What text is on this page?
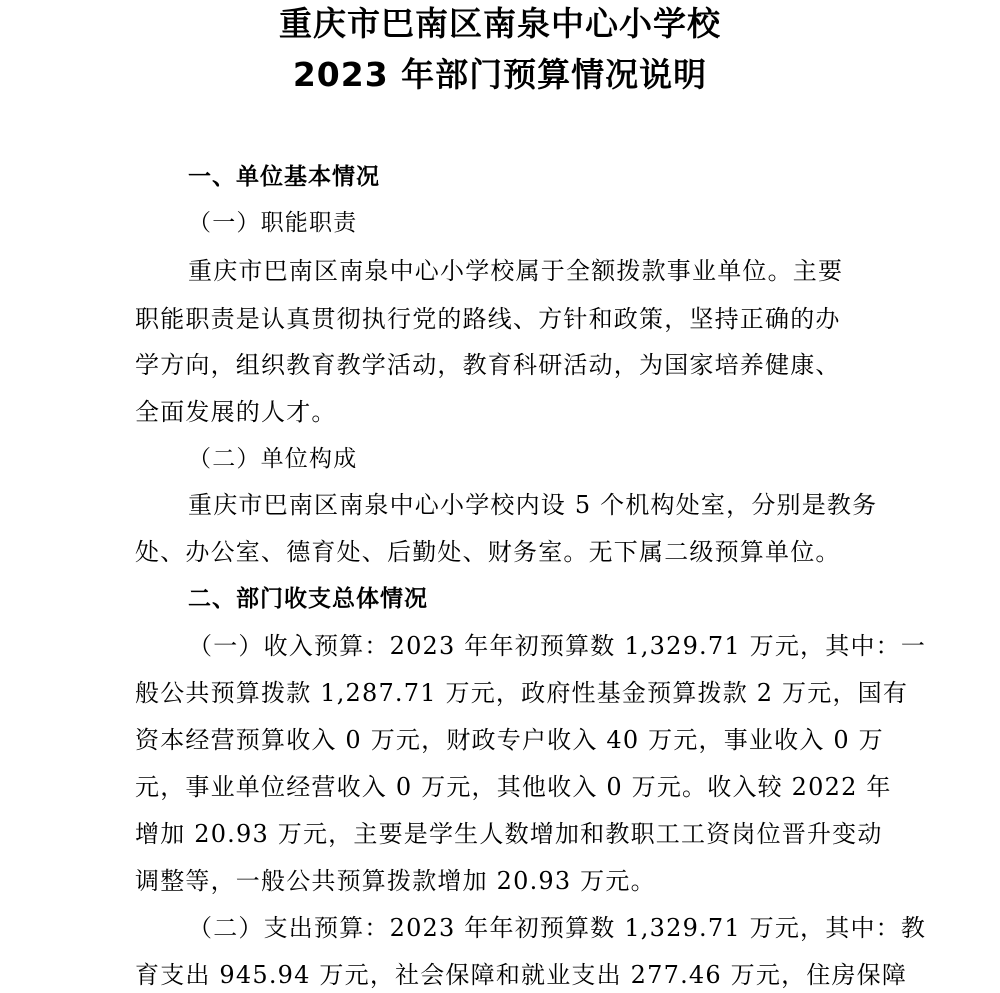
重庆市巴南区南泉中心小学校
2023 年部门预算情况说明
一、单位基本情况
（一）职能职责
重庆市巴南区南泉中心小学校属于全额拨款事业单位。主要
职能职责是认真贯彻执行党的路线、方针和政策，坚持正确的办
学方向，组织教育教学活动，教育科研活动，为国家培养健康、
全面发展的人才。
（二）单位构成
重庆市巴南区南泉中心小学校内设 5 个机构处室，分别是教务
处、办公室、德育处、后勤处、财务室。无下属二级预算单位。
二、部门收支总体情况
（一）收入预算：2023 年年初预算数 1,329.71 万元，其中：一
般公共预算拨款 1,287.71 万元，政府性基金预算拨款 2 万元，国有
资本经营预算收入 0 万元，财政专户收入 40 万元，事业收入 0 万
元，事业单位经营收入 0 万元，其他收入 0 万元。收入较 2022 年
增加 20.93 万元，主要是学生人数增加和教职工工资岗位晋升变动
调整等，一般公共预算拨款增加 20.93 万元。
（二）支出预算：2023 年年初预算数 1,329.71 万元，其中：教
育支出 945.94 万元，社会保障和就业支出 277.46 万元，住房保障
